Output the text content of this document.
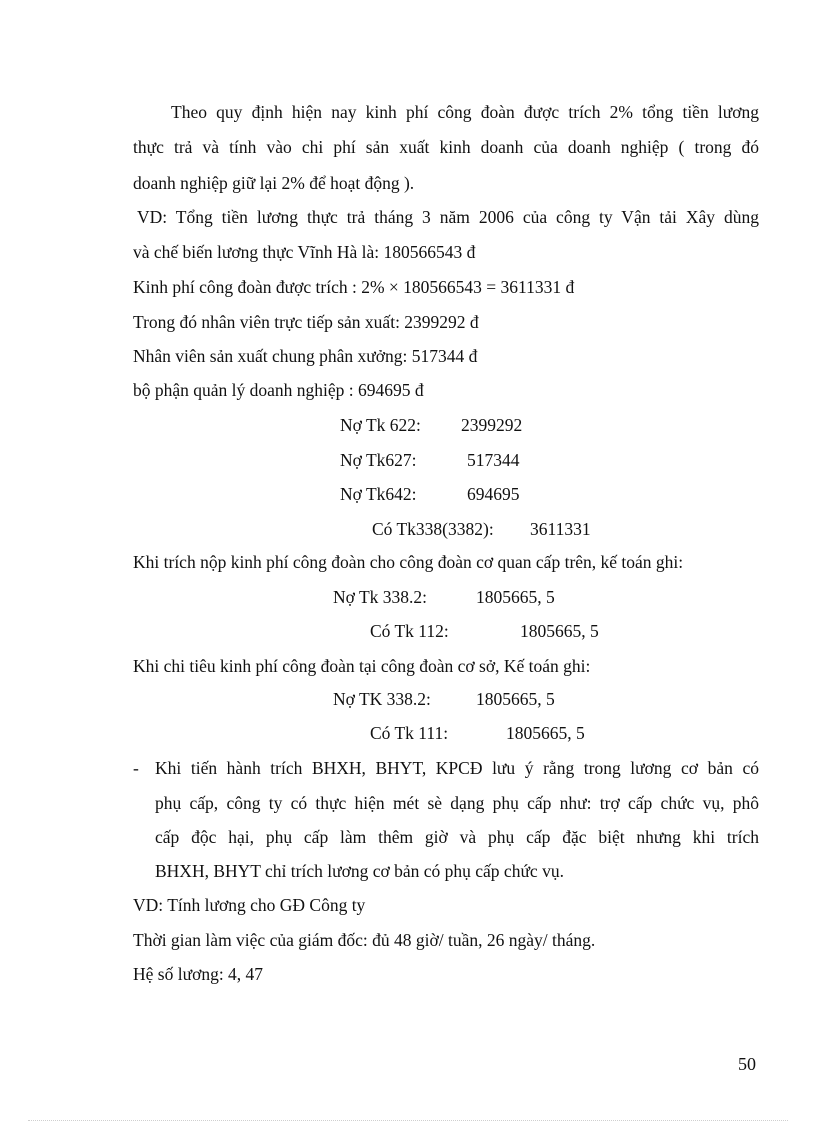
Theo quy định hiện nay kinh phí công đoàn được trích 2% tổng tiền lương
thực trả và tính vào chi phí sản xuất kinh doanh của doanh nghiệp ( trong đó
doanh nghiệp giữ lại 2% để hoạt động ).
VD: Tổng tiền lương thực trả tháng 3 năm 2006 của công ty Vận tải Xây dùng
và chế biến lương thực Vĩnh Hà là: 180566543 đ
Kinh phí công đoàn được trích : 2% × 180566543 = 3611331 đ
Trong đó nhân viên trực tiếp sản xuất: 2399292 đ
Nhân viên sản xuất chung phân xưởng: 517344 đ
bộ phận quản lý doanh nghiệp : 694695 đ
Nợ Tk 622: 2399292
Nợ Tk627:	517344
Nợ Tk642:	694695
Có Tk338(3382): 3611331
Khi trích nộp kinh phí công đoàn cho công đoàn cơ quan cấp trên, kế toán ghi:
Nợ Tk 338.2:	1805665, 5
Có Tk 112:	1805665, 5
Khi chi tiêu kinh phí công đoàn tại công đoàn cơ sở, Kế toán ghi:
Nợ TK 338.2:	1805665, 5
Có Tk 111:	1805665, 5
- Khi tiến hành trích BHXH, BHYT, KPCĐ lưu ý rằng trong lương cơ bản có
phụ cấp, công ty có thực hiện mét sè dạng phụ cấp như: trợ cấp chức vụ, phô
cấp độc hại, phụ cấp làm thêm giờ và phụ cấp đặc biệt nhưng khi trích
BHXH, BHYT chỉ trích lương cơ bản có phụ cấp chức vụ.
VD: Tính lương cho GĐ Công ty
Thời gian làm việc của giám đốc: đủ 48 giờ/ tuần, 26 ngày/ tháng.
Hệ số lương: 4, 47
50
